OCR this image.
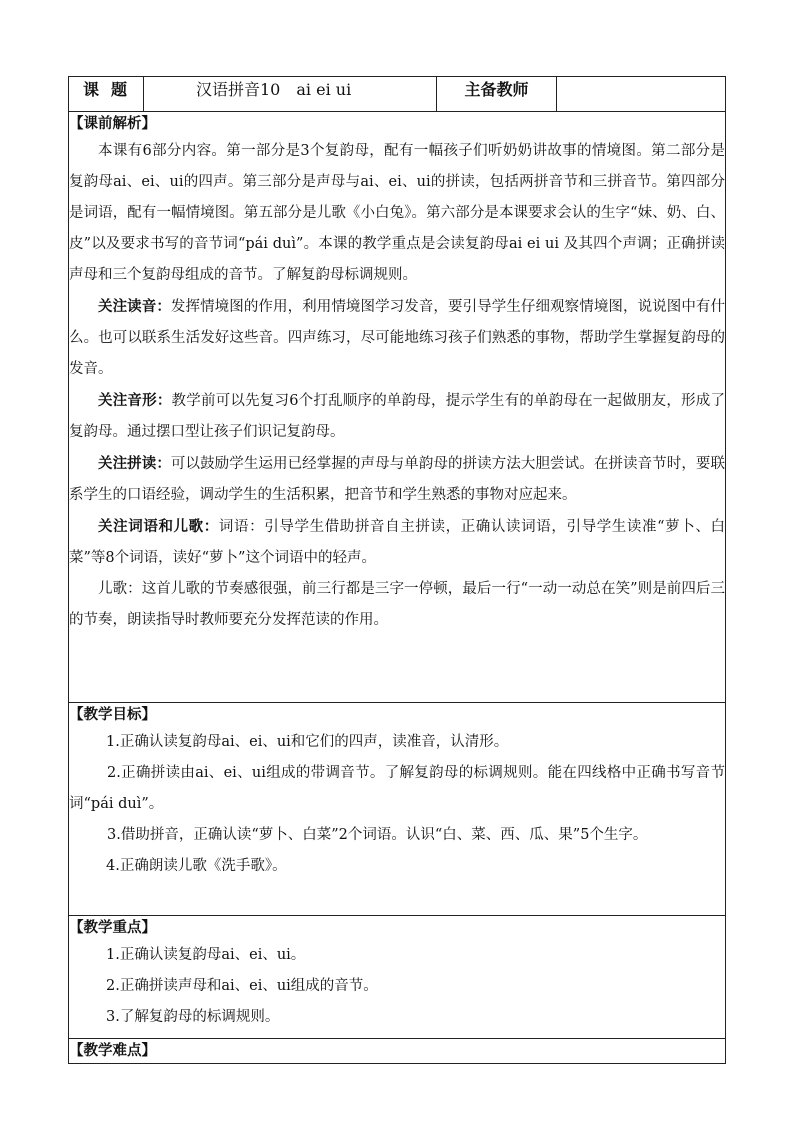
课题	汉语拼音10　ai ei ui	主备教师	

【课前解析】

本课有6部分内容。第一部分是3个复韵母，配有一幅孩子们听奶奶讲故事的情境图。第二部分是复韵母ai、ei、ui的四声。第三部分是声母与ai、ei、ui的拼读，包括两拼音节和三拼音节。第四部分是词语，配有一幅情境图。第五部分是儿歌《小白兔》。第六部分是本课要求会认的生字“妹、奶、白、皮”以及要求书写的音节词“pái duì”。本课的教学重点是会读复韵母ai ei ui 及其四个声调；正确拼读声母和三个复韵母组成的音节。了解复韵母标调规则。

关注读音：发挥情境图的作用，利用情境图学习发音，要引导学生仔细观察情境图，说说图中有什么。也可以联系生活发好这些音。四声练习，尽可能地练习孩子们熟悉的事物，帮助学生掌握复韵母的发音。

关注音形：教学前可以先复习6个打乱顺序的单韵母，提示学生有的单韵母在一起做朋友，形成了复韵母。通过摆口型让孩子们识记复韵母。

关注拼读：可以鼓励学生运用已经掌握的声母与单韵母的拼读方法大胆尝试。在拼读音节时，要联系学生的口语经验，调动学生的生活积累，把音节和学生熟悉的事物对应起来。

关注词语和儿歌：词语：引导学生借助拼音自主拼读，正确认读词语，引导学生读准“萝卜、白菜”等8个词语，读好“萝卜”这个词语中的轻声。

儿歌：这首儿歌的节奏感很强，前三行都是三字一停顿，最后一行“一动一动总在笑”则是前四后三的节奏，朗读指导时教师要充分发挥范读的作用。

【教学目标】

1.正确认读复韵母ai、ei、ui和它们的四声，读准音，认清形。

2.正确拼读由ai、ei、ui组成的带调音节。了解复韵母的标调规则。能在四线格中正确书写音节词“pái duì”。

3.借助拼音，正确认读“萝卜、白菜”2个词语。认识“白、菜、西、瓜、果”5个生字。

4.正确朗读儿歌《洗手歌》。

【教学重点】

1.正确认读复韵母ai、ei、ui。

2.正确拼读声母和ai、ei、ui组成的音节。

3.了解复韵母的标调规则。

【教学难点】
